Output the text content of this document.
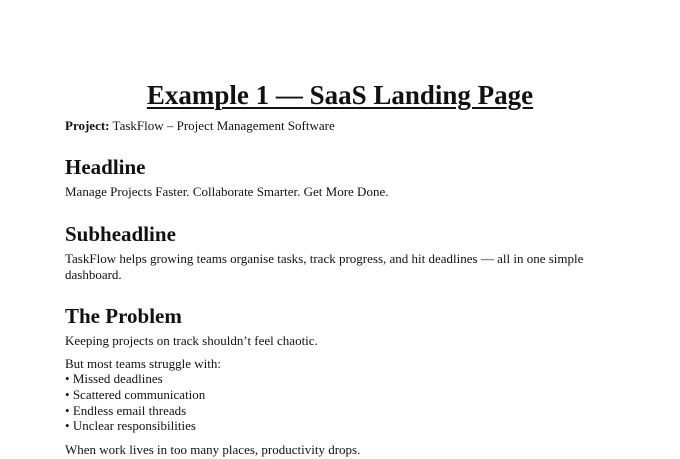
Example 1 — SaaS Landing Page

Project: TaskFlow – Project Management Software

Headline

Manage Projects Faster. Collaborate Smarter. Get More Done.

Subheadline

TaskFlow helps growing teams organise tasks, track progress, and hit deadlines — all in one simple dashboard.

The Problem

Keeping projects on track shouldn’t feel chaotic.

But most teams struggle with:

• Missed deadlines
• Scattered communication
• Endless email threads
• Unclear responsibilities

When work lives in too many places, productivity drops.
